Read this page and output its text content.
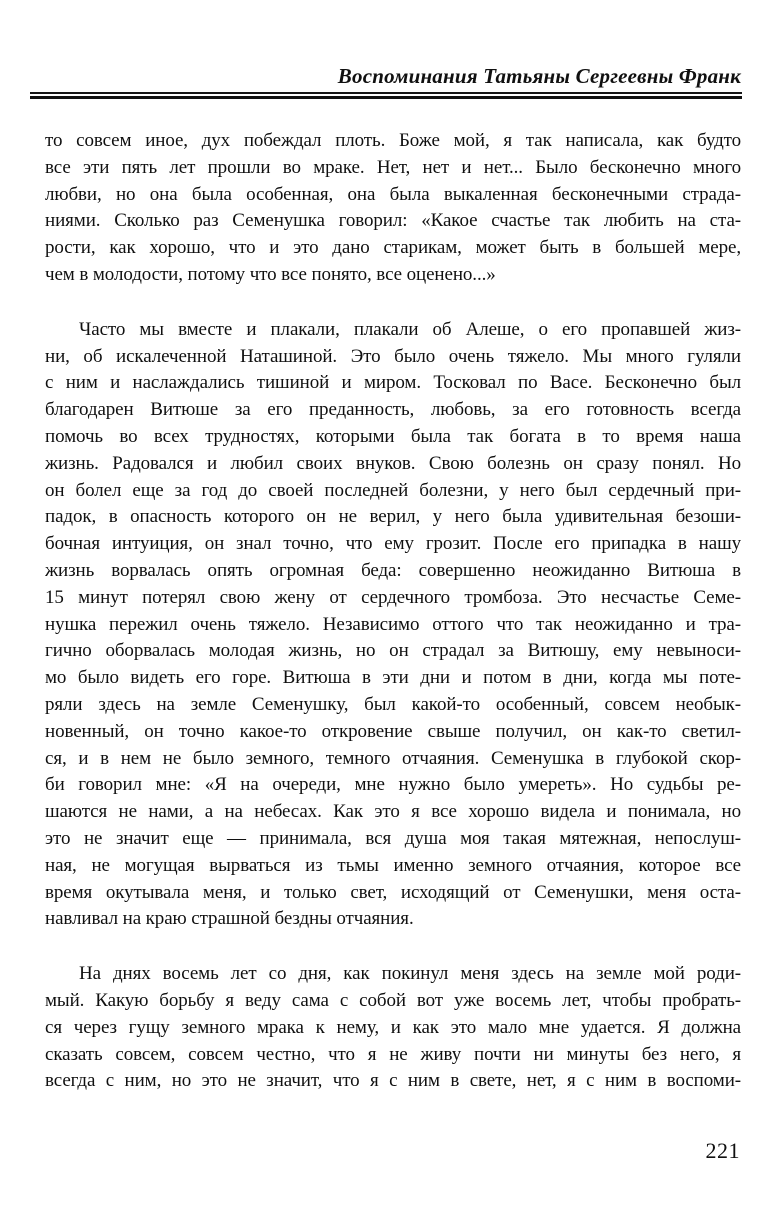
Воспоминания Татьяны Сергеевны Франк
то совсем иное, дух побеждал плоть. Боже мой, я так написала, как будто
все эти пять лет прошли во мраке. Нет, нет и нет... Было бесконечно много
любви, но она была особенная, она была выкаленная бесконечными страда-
ниями. Сколько раз Семенушка говорил: «Какое счастье так любить на ста-
рости, как хорошо, что и это дано старикам, может быть в большей мере,
чем в молодости, потому что все понято, все оценено...»
Часто мы вместе и плакали, плакали об Алеше, о его пропавшей жиз-
ни, об искалеченной Наташиной. Это было очень тяжело. Мы много гуляли
с ним и наслаждались тишиной и миром. Тосковал по Васе. Бесконечно был
благодарен Витюше за его преданность, любовь, за его готовность всегда
помочь во всех трудностях, которыми была так богата в то время наша
жизнь. Радовался и любил своих внуков. Свою болезнь он сразу понял. Но
он болел еще за год до своей последней болезни, у него был сердечный при-
падок, в опасность которого он не верил, у него была удивительная безоши-
бочная интуиция, он знал точно, что ему грозит. После его припадка в нашу
жизнь ворвалась опять огромная беда: совершенно неожиданно Витюша в
15 минут потерял свою жену от сердечного тромбоза. Это несчастье Семе-
нушка пережил очень тяжело. Независимо оттого что так неожиданно и тра-
гично оборвалась молодая жизнь, но он страдал за Витюшу, ему невыноси-
мо было видеть его горе. Витюша в эти дни и потом в дни, когда мы поте-
ряли здесь на земле Семенушку, был какой-то особенный, совсем необык-
новенный, он точно какое-то откровение свыше получил, он как-то светил-
ся, и в нем не было земного, темного отчаяния. Семенушка в глубокой скор-
би говорил мне: «Я на очереди, мне нужно было умереть». Но судьбы ре-
шаются не нами, а на небесах. Как это я все хорошо видела и понимала, но
это не значит еще — принимала, вся душа моя такая мятежная, непослуш-
ная, не могущая вырваться из тьмы именно земного отчаяния, которое все
время окутывала меня, и только свет, исходящий от Семенушки, меня оста-
навливал на краю страшной бездны отчаяния.
На днях восемь лет со дня, как покинул меня здесь на земле мой роди-
мый. Какую борьбу я веду сама с собой вот уже восемь лет, чтобы пробрать-
ся через гущу земного мрака к нему, и как это мало мне удается. Я должна
сказать совсем, совсем честно, что я не живу почти ни минуты без него, я
всегда с ним, но это не значит, что я с ним в свете, нет, я с ним в воспоми-
221
